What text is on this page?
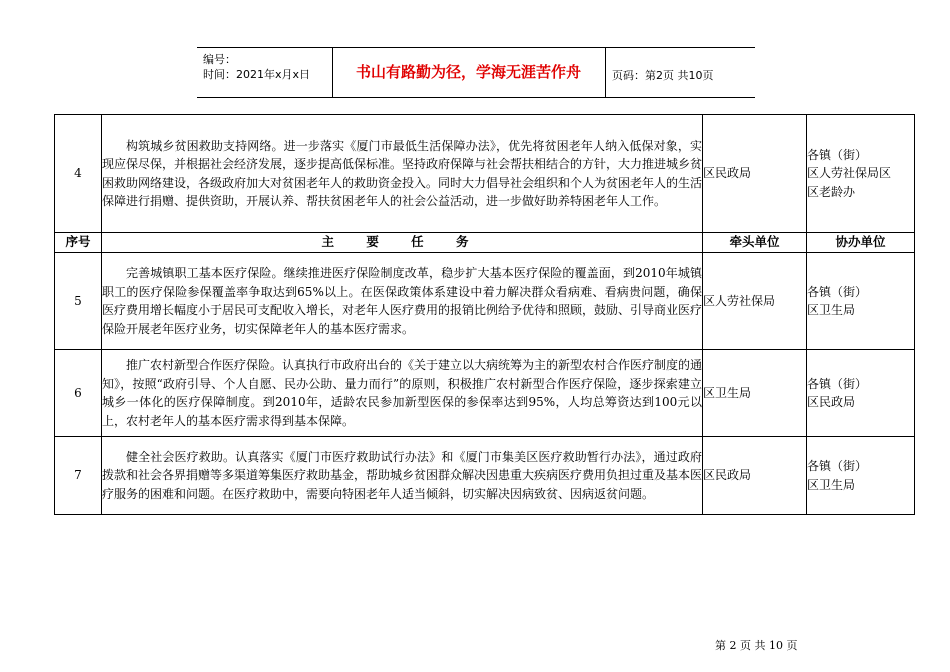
编号：
时间：2021年x月x日	书山有路勤为径，学海无涯苦作舟	页码：第2页 共10页
4	构筑城乡贫困救助支持网络。进一步落实《厦门市最低生活保障办法》，优先将贫困老年人纳入低保对象，实现应保尽保，并根据社会经济发展，逐步提高低保标准。坚持政府保障与社会帮扶相结合的方针，大力推进城乡贫困救助网络建设，各级政府加大对贫困老年人的救助资金投入。同时大力倡导社会组织和个人为贫困老年人的生活保障进行捐赠、提供资助，开展认养、帮扶贫困老年人的社会公益活动，进一步做好助养特困老年人工作。	区民政局	各镇（街）
区人劳社保局区
区老龄办

序号	主 要 任 务	牵头单位	协办单位
5	完善城镇职工基本医疗保险。继续推进医疗保险制度改革，稳步扩大基本医疗保险的覆盖面，到2010年城镇职工的医疗保险参保覆盖率争取达到65%以上。在医保政策体系建设中着力解决群众看病难、看病贵问题，确保医疗费用增长幅度小于居民可支配收入增长，对老年人医疗费用的报销比例给予优待和照顾，鼓励、引导商业医疗保险开展老年医疗业务，切实保障老年人的基本医疗需求。	区人劳社保局	各镇（街）
区卫生局

6	推广农村新型合作医疗保险。认真执行市政府出台的《关于建立以大病统筹为主的新型农村合作医疗制度的通知》，按照“政府引导、个人自愿、民办公助、量力而行”的原则，积极推广农村新型合作医疗保险，逐步探索建立城乡一体化的医疗保障制度。到2010年，适龄农民参加新型医保的参保率达到95%，人均总筹资达到100元以上，农村老年人的基本医疗需求得到基本保障。	区卫生局	各镇（街）
区民政局

7	健全社会医疗救助。认真落实《厦门市医疗救助试行办法》和《厦门市集美区医疗救助暂行办法》，通过政府拨款和社会各界捐赠等多渠道筹集医疗救助基金，帮助城乡贫困群众解决因患重大疾病医疗费用负担过重及基本医疗服务的困难和问题。在医疗救助中，需要向特困老年人适当倾斜，切实解决因病致贫、因病返贫问题。	区民政局	各镇（街）
区卫生局
第 2 页 共 10 页
